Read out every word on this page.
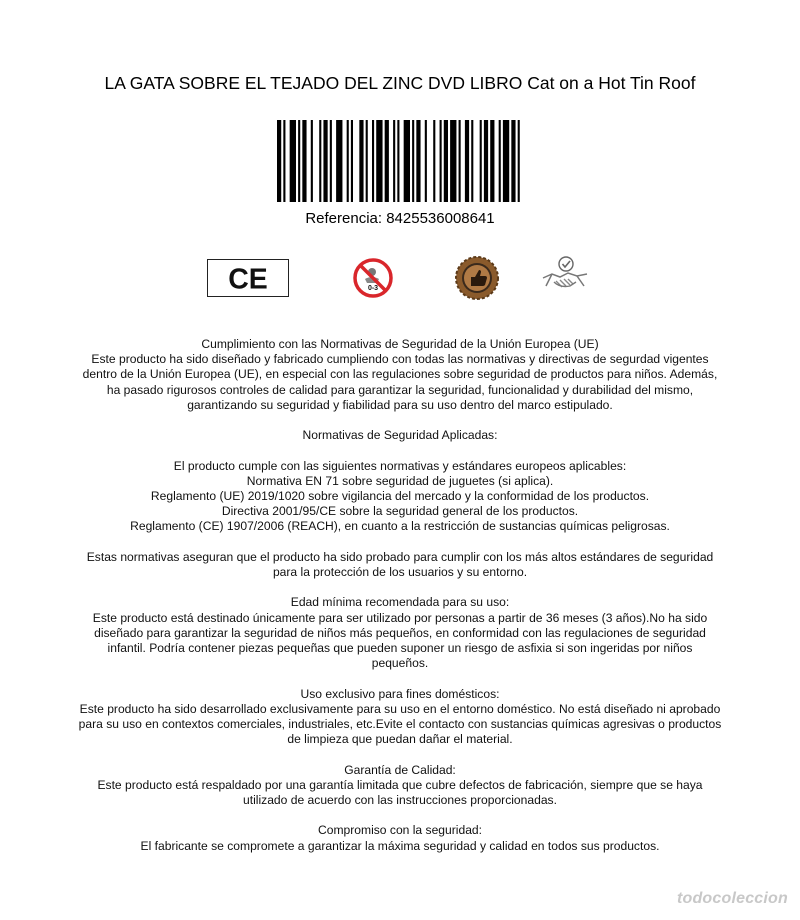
LA GATA SOBRE EL TEJADO DEL ZINC DVD LIBRO Cat on a Hot Tin Roof
Referencia: 8425536008641
CE	0-3

Cumplimiento con las Normativas de Seguridad de la Unión Europea (UE)
Este producto ha sido diseñado y fabricado cumpliendo con todas las normativas y directivas de segurdad vigentes dentro de la Unión Europea (UE), en especial con las regulaciones sobre seguridad de productos para niños. Además, ha pasado rigurosos controles de calidad para garantizar la seguridad, funcionalidad y durabilidad del mismo, garantizando su seguridad y fiabilidad para su uso dentro del marco estipulado.

Normativas de Seguridad Aplicadas:

El producto cumple con las siguientes normativas y estándares europeos aplicables:
Normativa EN 71 sobre seguridad de juguetes (si aplica).
Reglamento (UE) 2019/1020 sobre vigilancia del mercado y la conformidad de los productos.
Directiva 2001/95/CE sobre la seguridad general de los productos.
Reglamento (CE) 1907/2006 (REACH), en cuanto a la restricción de sustancias químicas peligrosas.

Estas normativas aseguran que el producto ha sido probado para cumplir con los más altos estándares de seguridad para la protección de los usuarios y su entorno.

Edad mínima recomendada para su uso:
Este producto está destinado únicamente para ser utilizado por personas a partir de 36 meses (3 años).No ha sido diseñado para garantizar la seguridad de niños más pequeños, en conformidad con las regulaciones de seguridad infantil. Podría contener piezas pequeñas que pueden suponer un riesgo de asfixia si son ingeridas por niños pequeños.

Uso exclusivo para fines domésticos:
Este producto ha sido desarrollado exclusivamente para su uso en el entorno doméstico. No está diseñado ni aprobado para su uso en contextos comerciales, industriales, etc.Evite el contacto con sustancias químicas agresivas o productos de limpieza que puedan dañar el material.

Garantía de Calidad:
Este producto está respaldado por una garantía limitada que cubre defectos de fabricación, siempre que se haya utilizado de acuerdo con las instrucciones proporcionadas.

Compromiso con la seguridad:
El fabricante se compromete a garantizar la máxima seguridad y calidad en todos sus productos.

todocoleccion
